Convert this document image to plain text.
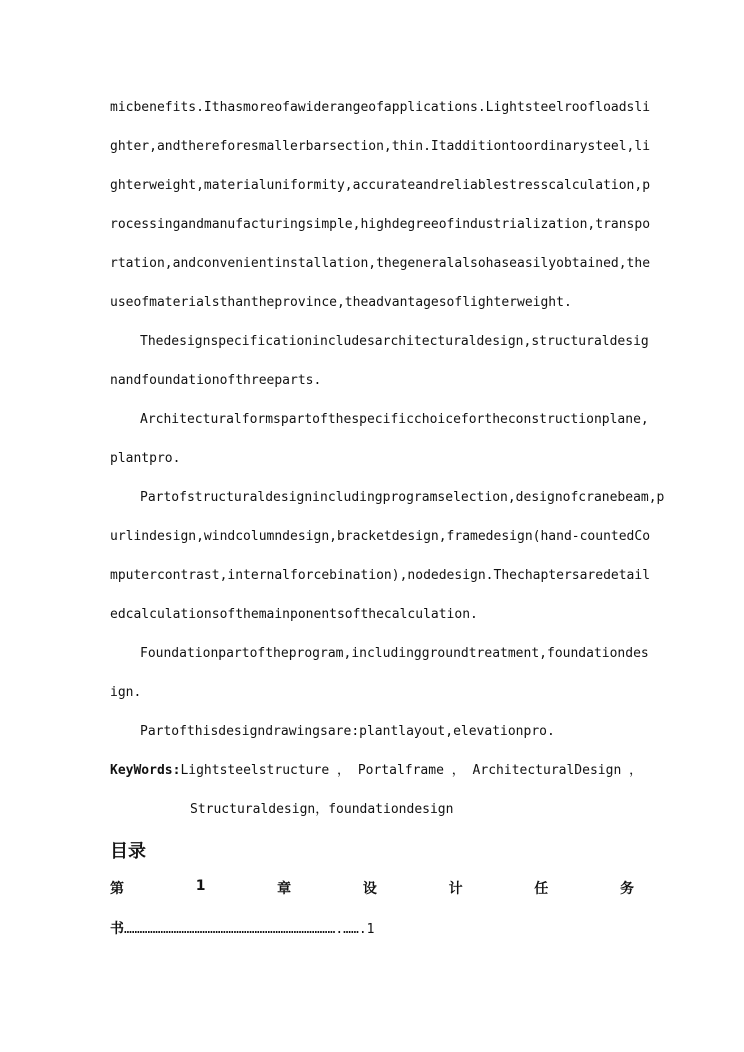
micbenefits.Ithasmoreofawiderangeofapplications.Lightsteelroofloadsli

ghter,andthereforesmallerbarsection,thin.Itadditiontoordinarysteel,li

ghterweight,materialuniformity,accurateandreliablestresscalculation,p

rocessingandmanufacturingsimple,highdegreeofindustrialization,transpo

rtation,andconvenientinstallation,thegeneralalsohaseasilyobtained,the

useofmaterialsthantheprovince,theadvantagesoflighterweight.

Thedesignspecificationincludesarchitecturaldesign,structuraldesig

nandfoundationofthreeparts.

Architecturalformspartofthespecificchoicefortheconstructionplane,

plantpro.

Partofstructuraldesignincludingprogramselection,designofcranebeam,p

urlindesign,windcolumndesign,bracketdesign,framedesign(hand-countedCo

mputercontrast,internalforcebination),nodedesign.Thechaptersaredetail

edcalculationsofthemainponentsofthecalculation.

Foundationpartoftheprogram,includinggroundtreatment,foundationdes

ign.

Partofthisdesigndrawingsare:plantlayout,elevationpro.

KeyWords:Lightsteelstructure ， Portalframe ， ArchitecturalDesign ，

Structuraldesign，foundationdesign

目录
第	1	章	设	计	任	务

书……………………………………………………………………….…….1
